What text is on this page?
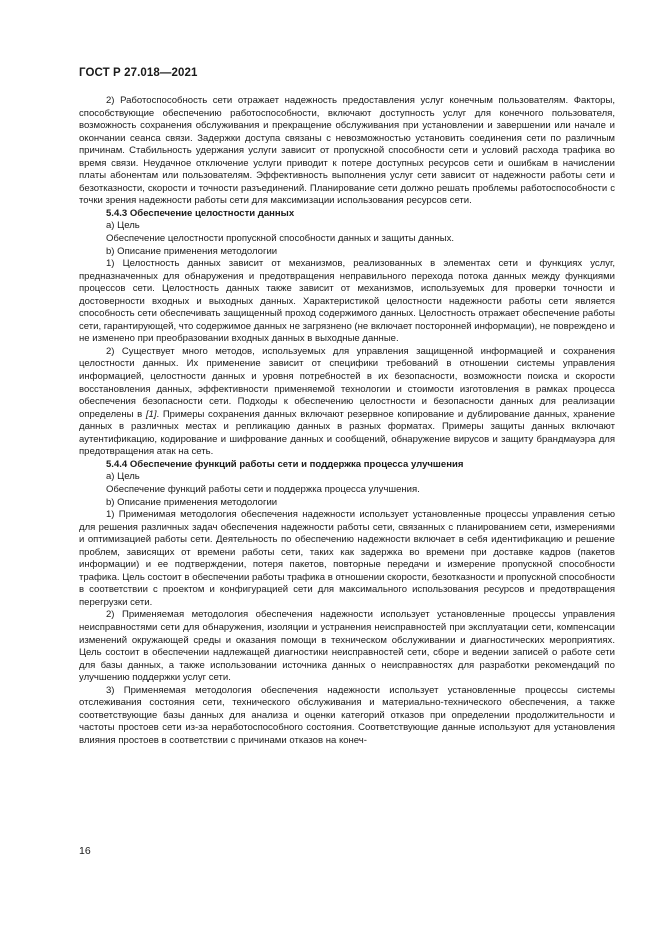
ГОСТ Р 27.018—2021

2) Работоспособность сети отражает надежность предоставления услуг конечным пользователям. Факторы, способствующие обеспечению работоспособности, включают доступность услуг для конечного пользователя, возможность сохранения обслуживания и прекращение обслуживания при установлении и завершении или начале и окончании сеанса связи. Задержки доступа связаны с невозможностью установить соединения сети по различным причинам. Стабильность удержания услуги зависит от пропускной способности сети и условий расхода трафика во время связи. Неудачное отключение услуги приводит к потере доступных ресурсов сети и ошибкам в начислении платы абонентам или пользователям. Эффективность выполнения услуг сети зависит от надежности работы сети и безотказности, скорости и точности разъединений. Планирование сети должно решать проблемы работоспособности с точки зрения надежности работы сети для максимизации использования ресурсов сети.

5.4.3 Обеспечение целостности данных

a) Цель

Обеспечение целостности пропускной способности данных и защиты данных.

b) Описание применения методологии

1) Целостность данных зависит от механизмов, реализованных в элементах сети и функциях услуг, предназначенных для обнаружения и предотвращения неправильного перехода потока данных между функциями процессов сети. Целостность данных также зависит от механизмов, используемых для проверки точности и достоверности входных и выходных данных. Характеристикой целостности надежности работы сети является способность сети обеспечивать защищенный проход содержимого данных. Целостность отражает обеспечение работы сети, гарантирующей, что содержимое данных не загрязнено (не включает посторонней информации), не повреждено и не изменено при преобразовании входных данных в выходные данные.

2) Существует много методов, используемых для управления защищенной информацией и сохранения целостности данных. Их применение зависит от специфики требований в отношении системы управления информацией, целостности данных и уровня потребностей в их безопасности, возможности поиска и скорости восстановления данных, эффективности применяемой технологии и стоимости изготовления в рамках процесса обеспечения безопасности сети. Подходы к обеспечению целостности и безопасности данных для реализации определены в [1]. Примеры сохранения данных включают резервное копирование и дублирование данных, хранение данных в различных местах и репликацию данных в разных форматах. Примеры защиты данных включают аутентификацию, кодирование и шифрование данных и сообщений, обнаружение вирусов и защиту брандмауэра для предотвращения атак на сеть.

5.4.4 Обеспечение функций работы сети и поддержка процесса улучшения

a) Цель

Обеспечение функций работы сети и поддержка процесса улучшения.

b) Описание применения методологии

1) Применимая методология обеспечения надежности использует установленные процессы управления сетью для решения различных задач обеспечения надежности работы сети, связанных с планированием сети, измерениями и оптимизацией работы сети. Деятельность по обеспечению надежности включает в себя идентификацию и решение проблем, зависящих от времени работы сети, таких как задержка во времени при доставке кадров (пакетов информации) и ее подтверждении, потеря пакетов, повторные передачи и измерение пропускной способности трафика. Цель состоит в обеспечении работы трафика в отношении скорости, безотказности и пропускной способности в соответствии с проектом и конфигурацией сети для максимального использования ресурсов и предотвращения перегрузки сети.

2) Применяемая методология обеспечения надежности использует установленные процессы управления неисправностями сети для обнаружения, изоляции и устранения неисправностей при эксплуатации сети, компенсации изменений окружающей среды и оказания помощи в техническом обслуживании и диагностических мероприятиях. Цель состоит в обеспечении надлежащей диагностики неисправностей сети, сборе и ведении записей о работе сети для базы данных, а также использовании источника данных о неисправностях для разработки рекомендаций по улучшению поддержки услуг сети.

3) Применяемая методология обеспечения надежности использует установленные процессы системы отслеживания состояния сети, технического обслуживания и материально-технического обеспечения, а также соответствующие базы данных для анализа и оценки категорий отказов при определении продолжительности и частоты простоев сети из-за неработоспособного состояния. Соответствующие данные используют для установления влияния простоев в соответствии с причинами отказов на конеч-

16
